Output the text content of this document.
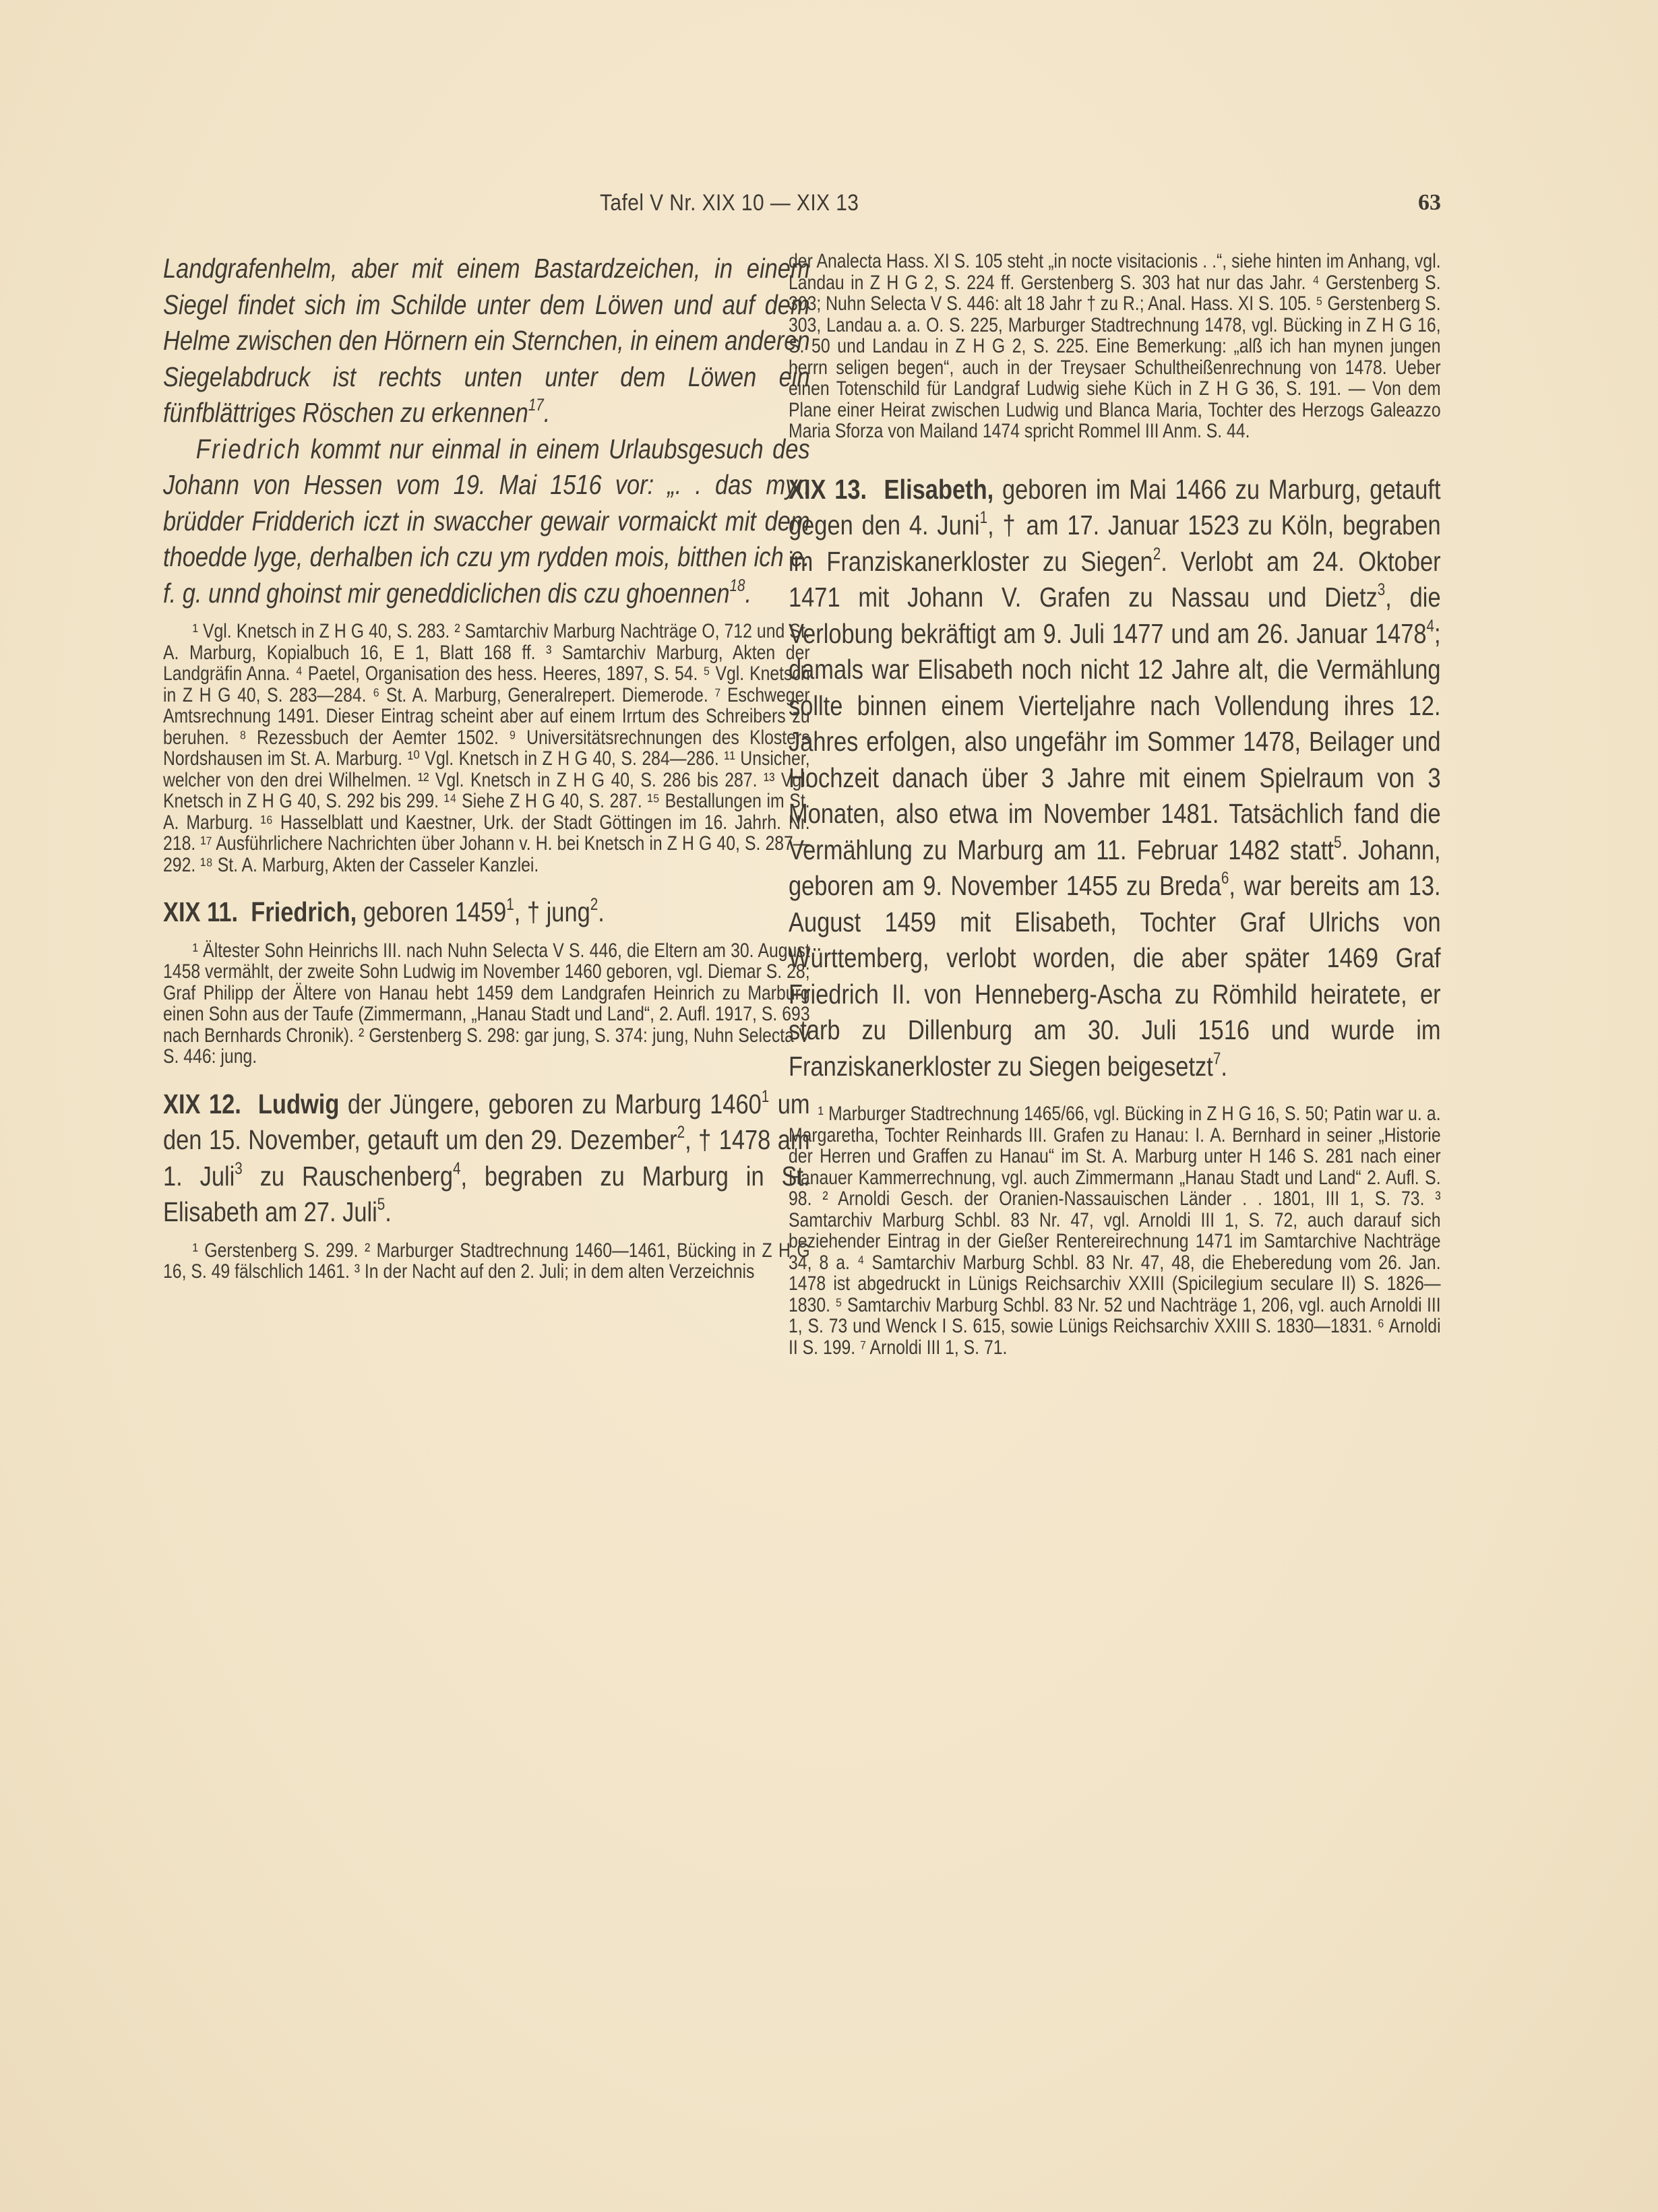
Tafel V Nr. XIX 10 — XIX 13	63

Landgrafenhelm, aber mit einem Bastardzeichen, in einem Siegel findet sich im Schilde unter dem Löwen und auf dem Helme zwischen den Hörnern ein Sternchen, in einem anderen Siegelabdruck ist rechts unten unter dem Löwen ein fünfblättriges Röschen zu erkennen$^{17}$.

Friedrich kommt nur einmal in einem Urlaubsgesuch des Johann von Hessen vom 19. Mai 1516 vor: „. . das myn brüdder Fridderich iczt in swaccher gewair vormaickt mit dem thoedde lyge, derhalben ich czu ym rydden mois, bitthen ich e. f. g. unnd ghoinst mir geneddiclichen dis czu ghoennen$^{18}$.

¹ Vgl. Knetsch in Z H G 40, S. 283. ² Samtarchiv Marburg Nachträge O, 712 und St. A. Marburg, Kopialbuch 16, E 1, Blatt 168 ff. ³ Samtarchiv Marburg, Akten der Landgräfin Anna. ⁴ Paetel, Organisation des hess. Heeres, 1897, S. 54. ⁵ Vgl. Knetsch in Z H G 40, S. 283—284. ⁶ St. A. Marburg, Generalrepert. Diemerode. ⁷ Eschweger Amtsrechnung 1491. Dieser Eintrag scheint aber auf einem Irrtum des Schreibers zu beruhen. ⁸ Rezessbuch der Aemter 1502. ⁹ Universitätsrechnungen des Klosters Nordshausen im St. A. Marburg. ¹⁰ Vgl. Knetsch in Z H G 40, S. 284—286. ¹¹ Unsicher, welcher von den drei Wilhelmen. ¹² Vgl. Knetsch in Z H G 40, S. 286 bis 287. ¹³ Vgl. Knetsch in Z H G 40, S. 292 bis 299. ¹⁴ Siehe Z H G 40, S. 287. ¹⁵ Bestallungen im St. A. Marburg. ¹⁶ Hasselblatt und Kaestner, Urk. der Stadt Göttingen im 16. Jahrh. Nr. 218. ¹⁷ Ausführlichere Nachrichten über Johann v. H. bei Knetsch in Z H G 40, S. 287—292. ¹⁸ St. A. Marburg, Akten der Casseler Kanzlei.

XIX 11. Friedrich, geboren 1459$^1$, † jung$^2$.

¹ Ältester Sohn Heinrichs III. nach Nuhn Selecta V S. 446, die Eltern am 30. August 1458 vermählt, der zweite Sohn Ludwig im November 1460 geboren, vgl. Diemar S. 28; Graf Philipp der Ältere von Hanau hebt 1459 dem Landgrafen Heinrich zu Marburg einen Sohn aus der Taufe (Zimmermann, „Hanau Stadt und Land“, 2. Aufl. 1917, S. 693 nach Bernhards Chronik). ² Gerstenberg S. 298: gar jung, S. 374: jung, Nuhn Selecta V S. 446: jung.

XIX 12. Ludwig der Jüngere, geboren zu Marburg 1460$^1$ um den 15. November, getauft um den 29. Dezember$^2$, † 1478 am 1. Juli$^3$ zu Rauschenberg$^4$, begraben zu Marburg in St. Elisabeth am 27. Juli$^5$.

¹ Gerstenberg S. 299. ² Marburger Stadtrechnung 1460—1461, Bücking in Z H G 16, S. 49 fälschlich 1461. ³ In der Nacht auf den 2. Juli; in dem alten Verzeichnis

der Analecta Hass. XI S. 105 steht „in nocte visitacionis . .“, siehe hinten im Anhang, vgl. Landau in Z H G 2, S. 224 ff. Gerstenberg S. 303 hat nur das Jahr. ⁴ Gerstenberg S. 303; Nuhn Selecta V S. 446: alt 18 Jahr † zu R.; Anal. Hass. XI S. 105. ⁵ Gerstenberg S. 303, Landau a. a. O. S. 225, Marburger Stadtrechnung 1478, vgl. Bücking in Z H G 16, S. 50 und Landau in Z H G 2, S. 225. Eine Bemerkung: „alß ich han mynen jungen herrn seligen begen“, auch in der Treysaer Schultheißenrechnung von 1478. Ueber einen Totenschild für Landgraf Ludwig siehe Küch in Z H G 36, S. 191. — Von dem Plane einer Heirat zwischen Ludwig und Blanca Maria, Tochter des Herzogs Galeazzo Maria Sforza von Mailand 1474 spricht Rommel III Anm. S. 44.

XIX 13. Elisabeth, geboren im Mai 1466 zu Marburg, getauft gegen den 4. Juni$^1$, † am 17. Januar 1523 zu Köln, begraben im Franziskanerkloster zu Siegen$^2$. Verlobt am 24. Oktober 1471 mit Johann V. Grafen zu Nassau und Dietz$^3$, die Verlobung bekräftigt am 9. Juli 1477 und am 26. Januar 1478$^4$; damals war Elisabeth noch nicht 12 Jahre alt, die Vermählung sollte binnen einem Vierteljahre nach Vollendung ihres 12. Jahres erfolgen, also ungefähr im Sommer 1478, Beilager und Hochzeit danach über 3 Jahre mit einem Spielraum von 3 Monaten, also etwa im November 1481. Tatsächlich fand die Vermählung zu Marburg am 11. Februar 1482 statt$^5$. Johann, geboren am 9. November 1455 zu Breda$^6$, war bereits am 13. August 1459 mit Elisabeth, Tochter Graf Ulrichs von Württemberg, verlobt worden, die aber später 1469 Graf Friedrich II. von Henneberg-Ascha zu Römhild heiratete, er starb zu Dillenburg am 30. Juli 1516 und wurde im Franziskanerkloster zu Siegen beigesetzt$^7$.

¹ Marburger Stadtrechnung 1465/66, vgl. Bücking in Z H G 16, S. 50; Patin war u. a. Margaretha, Tochter Reinhards III. Grafen zu Hanau: I. A. Bernhard in seiner „Historie der Herren und Graffen zu Hanau“ im St. A. Marburg unter H 146 S. 281 nach einer Hanauer Kammerrechnung, vgl. auch Zimmermann „Hanau Stadt und Land“ 2. Aufl. S. 98. ² Arnoldi Gesch. der Oranien-Nassauischen Länder . . 1801, III 1, S. 73. ³ Samtarchiv Marburg Schbl. 83 Nr. 47, vgl. Arnoldi III 1, S. 72, auch darauf sich beziehender Eintrag in der Gießer Rentereirechnung 1471 im Samtarchive Nachträge 34, 8 a. ⁴ Samtarchiv Marburg Schbl. 83 Nr. 47, 48, die Eheberedung vom 26. Jan. 1478 ist abgedruckt in Lünigs Reichsarchiv XXIII (Spicilegium seculare II) S. 1826—1830. ⁵ Samtarchiv Marburg Schbl. 83 Nr. 52 und Nachträge 1, 206, vgl. auch Arnoldi III 1, S. 73 und Wenck I S. 615, sowie Lünigs Reichsarchiv XXIII S. 1830—1831. ⁶ Arnoldi II S. 199. ⁷ Arnoldi III 1, S. 71.
